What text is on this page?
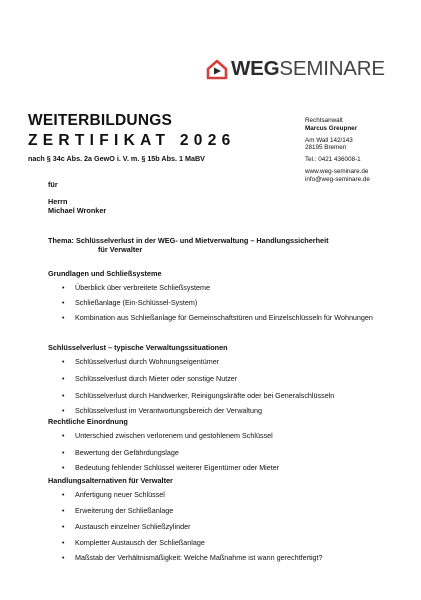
WEGSEMINARE
WEITERBILDUNGS
ZERTIFIKAT 2026
nach § 34c Abs. 2a GewO i. V. m. § 15b Abs. 1 MaBV
Rechtsanwalt
Marcus Greupner
Am Wall 142/143
28195 Bremen
Tel.: 0421 436008-1
www.weg-seminare.de
info@weg-seminare.de
für
Herrn
Michael Wronker
Thema: Schlüsselverlust in der WEG- und Mietverwaltung – Handlungssicherheit
für Verwalter
Grundlagen und Schließsysteme
• Überblick über verbreitete Schließsysteme
• Schließanlage (Ein-Schlüssel-System)
• Kombination aus Schließanlage für Gemeinschaftstüren und Einzelschlüsseln für Wohnungen
Schlüsselverlust – typische Verwaltungssituationen
• Schlüsselverlust durch Wohnungseigentümer
• Schlüsselverlust durch Mieter oder sonstige Nutzer
• Schlüsselverlust durch Handwerker, Reinigungskräfte oder bei Generalschlüsseln
• Schlüsselverlust im Verantwortungsbereich der Verwaltung
Rechtliche Einordnung
• Unterschied zwischen verlorenem und gestohlenem Schlüssel
• Bewertung der Gefährdungslage
• Bedeutung fehlender Schlüssel weiterer Eigentümer oder Mieter
Handlungsalternativen für Verwalter
• Anfertigung neuer Schlüssel
• Erweiterung der Schließanlage
• Austausch einzelner Schließzylinder
• Kompletter Austausch der Schließanlage
• Maßstab der Verhältnismäßigkeit: Welche Maßnahme ist wann gerechtfertigt?
